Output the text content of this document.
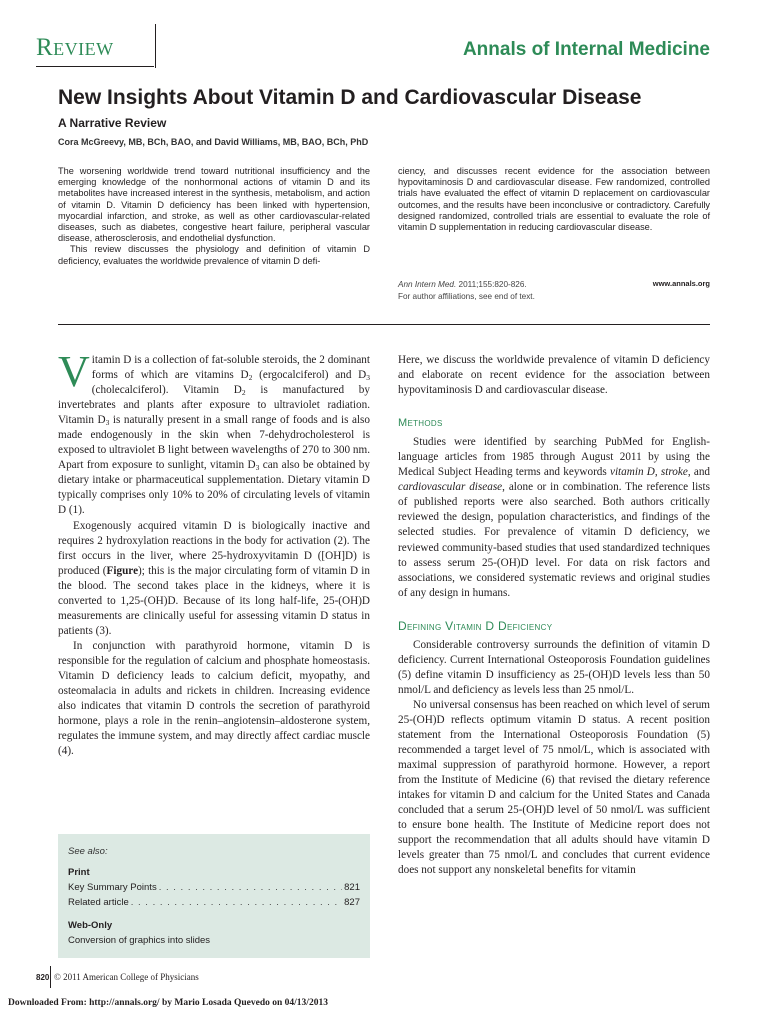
Review	Annals of Internal Medicine
New Insights About Vitamin D and Cardiovascular Disease
A Narrative Review
Cora McGreevy, MB, BCh, BAO, and David Williams, MB, BAO, BCh, PhD

The worsening worldwide trend toward nutritional insufficiency and the emerging knowledge of the nonhormonal actions of vitamin D and its metabolites have increased interest in the synthesis, metabolism, and action of vitamin D. Vitamin D deficiency has been linked with hypertension, myocardial infarction, and stroke, as well as other cardiovascular-related diseases, such as diabetes, congestive heart failure, peripheral vascular disease, atherosclerosis, and endothelial dysfunction.

This review discusses the physiology and definition of vitamin D deficiency, evaluates the worldwide prevalence of vitamin D defi-

ciency, and discusses recent evidence for the association between hypovitaminosis D and cardiovascular disease. Few randomized, controlled trials have evaluated the effect of vitamin D replacement on cardiovascular outcomes, and the results have been inconclusive or contradictory. Carefully designed randomized, controlled trials are essential to evaluate the role of vitamin D supplementation in reducing cardiovascular disease.

Ann Intern Med. 2011;155:820-826.
For author affiliations, see end of text.
www.annals.org

Vitamin D is a collection of fat-soluble steroids, the 2 dominant forms of which are vitamins $D_2$ (ergocalciferol) and $D_3$ (cholecalciferol). Vitamin $D_2$ is manufactured by invertebrates and plants after exposure to ultraviolet radiation. Vitamin $D_3$ is naturally present in a small range of foods and is also made endogenously in the skin when 7-dehydrocholesterol is exposed to ultraviolet B light between wavelengths of 270 to 300 nm. Apart from exposure to sunlight, vitamin $D_3$ can also be obtained by dietary intake or pharmaceutical supplementation. Dietary vitamin D typically comprises only 10% to 20% of circulating levels of vitamin D (1).

Exogenously acquired vitamin D is biologically inactive and requires 2 hydroxylation reactions in the body for activation (2). The first occurs in the liver, where 25-hydroxyvitamin D ([OH]D) is produced (Figure); this is the major circulating form of vitamin D in the blood. The second takes place in the kidneys, where it is converted to 1,25-(OH)D. Because of its long half-life, 25-(OH)D measurements are clinically useful for assessing vitamin D status in patients (3).

In conjunction with parathyroid hormone, vitamin D is responsible for the regulation of calcium and phosphate homeostasis. Vitamin D deficiency leads to calcium deficit, myopathy, and osteomalacia in adults and rickets in children. Increasing evidence also indicates that vitamin D controls the secretion of parathyroid hormone, plays a role in the renin–angiotensin–aldosterone system, regulates the immune system, and may directly affect cardiac muscle (4).

Here, we discuss the worldwide prevalence of vitamin D deficiency and elaborate on recent evidence for the association between hypovitaminosis D and cardiovascular disease.

Methods

Studies were identified by searching PubMed for English-language articles from 1985 through August 2011 by using the Medical Subject Heading terms and keywords vitamin D, stroke, and cardiovascular disease, alone or in combination. The reference lists of published reports were also searched. Both authors critically reviewed the design, population characteristics, and findings of the selected studies. For prevalence of vitamin D deficiency, we reviewed community-based studies that used standardized techniques to assess serum 25-(OH)D level. For data on risk factors and associations, we considered systematic reviews and original studies of any design in humans.

Defining Vitamin D Deficiency

Considerable controversy surrounds the definition of vitamin D deficiency. Current International Osteoporosis Foundation guidelines (5) define vitamin D insufficiency as 25-(OH)D levels less than 50 nmol/L and deficiency as levels less than 25 nmol/L.

No universal consensus has been reached on which level of serum 25-(OH)D reflects optimum vitamin D status. A recent position statement from the International Osteoporosis Foundation (5) recommended a target level of 75 nmol/L, which is associated with maximal suppression of parathyroid hormone. However, a report from the Institute of Medicine (6) that revised the dietary reference intakes for vitamin D and calcium for the United States and Canada concluded that a serum 25-(OH)D level of 50 nmol/L was sufficient to ensure bone health. The Institute of Medicine report does not support the recommendation that all adults should have vitamin D levels greater than 75 nmol/L and concludes that current evidence does not support any nonskeletal benefits for vitamin

See also:
Print
Key Summary Points . . .	821
Related article . . .	827
Web-Only
Conversion of graphics into slides
820 © 2011 American College of Physicians
Downloaded From: http://annals.org/ by Mario Losada Quevedo on 04/13/2013
